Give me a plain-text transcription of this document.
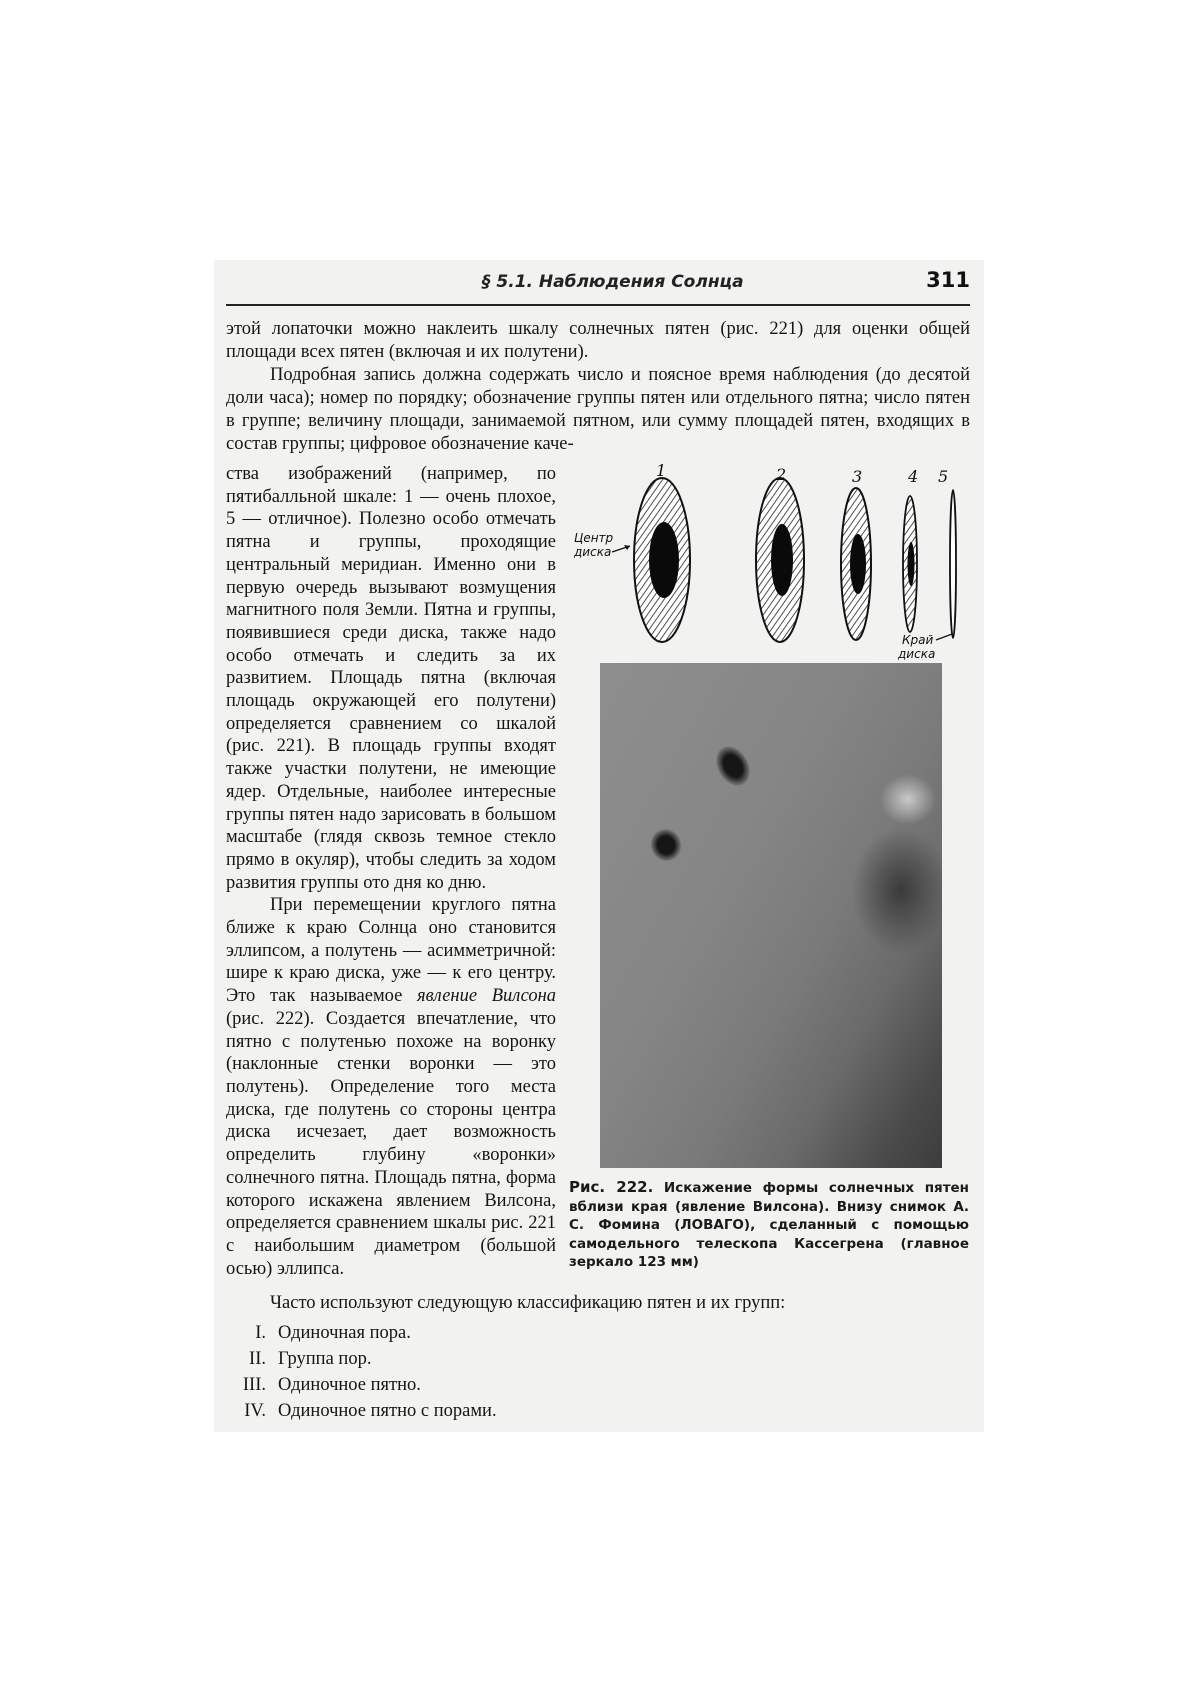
§ 5.1. Наблюдения Солнца	311

этой лопаточки можно наклеить шкалу солнечных пятен (рис. 221) для оценки общей площади всех пятен (включая и их полутени).

Подробная запись должна содержать число и поясное время наблюдения (до десятой доли часа); номер по порядку; обозначение группы пятен или отдельного пятна; число пятен в группе; величину площади, занимаемой пятном, или сумму площадей пятен, входящих в состав группы; цифровое обозначение каче-

ства изображений (например, по пятибалльной шкале: 1 — очень плохое, 5 — отличное). Полезно особо отмечать пятна и группы, проходящие центральный меридиан. Именно они в первую очередь вызывают возмущения магнитного поля Земли. Пятна и группы, появившиеся среди диска, также надо особо отмечать и следить за их развитием. Площадь пятна (включая площадь окружающей его полутени) определяется сравнением со шкалой (рис. 221). В площадь группы входят также участки полутени, не имеющие ядер. Отдельные, наиболее интересные группы пятен надо зарисовать в большом масштабе (глядя сквозь темное стекло прямо в окуляр), чтобы следить за ходом развития группы ото дня ко дню.

При перемещении круглого пятна ближе к краю Солнца оно становится эллипсом, а полутень — асимметричной: шире к краю диска, уже — к его центру. Это так называемое явление Вилсона (рис. 222). Создается впечатление, что пятно с полутенью похоже на воронку (наклонные стенки воронки — это полутень). Определение того места диска, где полутень со стороны центра диска исчезает, дает возможность определить глубину «воронки» солнечного пятна. Площадь пятна, форма которого искажена явлением Вилсона, определяется сравнением шкалы рис. 221 с наибольшим диаметром (большой осью) эллипса.

1	2	3	4 5
Центр
диска
Край
диска
Рис. 222. Искажение формы солнечных пятен вблизи края (явление Вилсона). Внизу снимок А. С. Фомина (ЛОВАГО), сделанный с помощью самодельного телескопа Кассегрена (главное зеркало 123 мм)

Часто используют следующую классификацию пятен и их групп:

I. Одиночная пора.
II. Группа пор.
III. Одиночное пятно.
IV. Одиночное пятно с порами.
